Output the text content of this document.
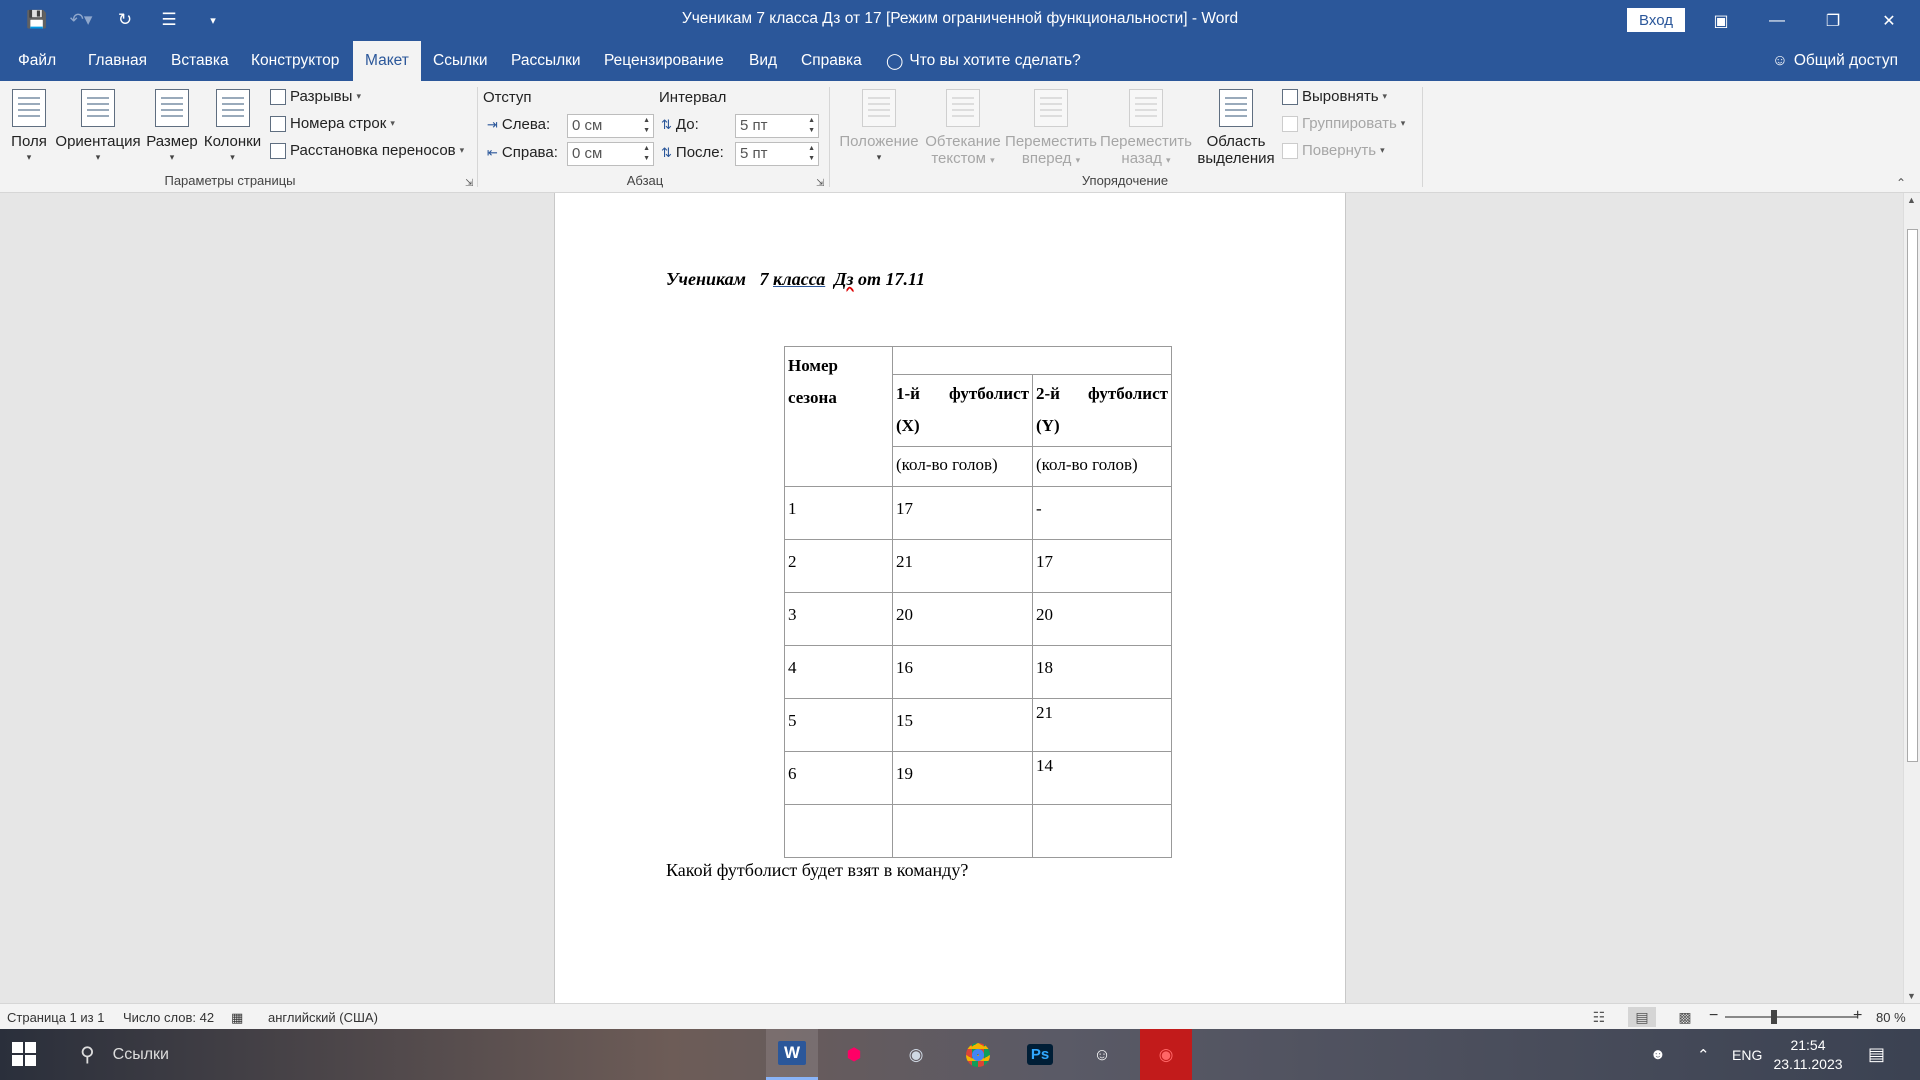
💾	↶▾	↻	☰	▾	Ученикам 7 класса Дз от 17 [Режим ограниченной функциональности] - Word	Вход	▣	—	❐	✕
Файл	Главная	Вставка	Конструктор	Макет	Ссылки	Рассылки	Рецензирование	Вид	Справка	◯ Что вы хотите сделать?	☺ Общий доступ
Поля
▾
Ориентация
▾
Размер
▾
Колонки
▾
Разрывы ▾
Номера строк ▾
Расстановка переносов ▾
Параметры страницы	⇲
Отступ	Интервал
⇥ Слева:	0 см	▲
▼
⇤ Справа: 0 см	▲
▼
⇅ До:	5 пт	▲
▼
⇅ После:	5 пт	▲
▼
Абзац	⇲
Положение
▾
Обтекание
текстом ▾
Переместить
вперед ▾
Переместить
назад ▾
Область
выделения
Выровнять ▾
Группировать ▾
Повернуть ▾
Упорядочение	⌃
Ученикам   7 класса Дз от 17.11
Номер сезона		

	1-й футболист (X)	2-й футболист (Y)

	(кол-во голов)	(кол-во голов)
1	17	-
2	21	17
3	20	20
4	16	18
5	15	21
6	19	14

Какой футболист будет взят в команду?
▲
▼
Страница 1 из 1 Число слов: 42 ▦ английский (США)	☷	▤	▩	−	+ 80 %
⚲ Ссылки	W	⬢	◉	Ps	☺	◉	☻ ⌃ ENG
21:54
23.11.2023	▤
